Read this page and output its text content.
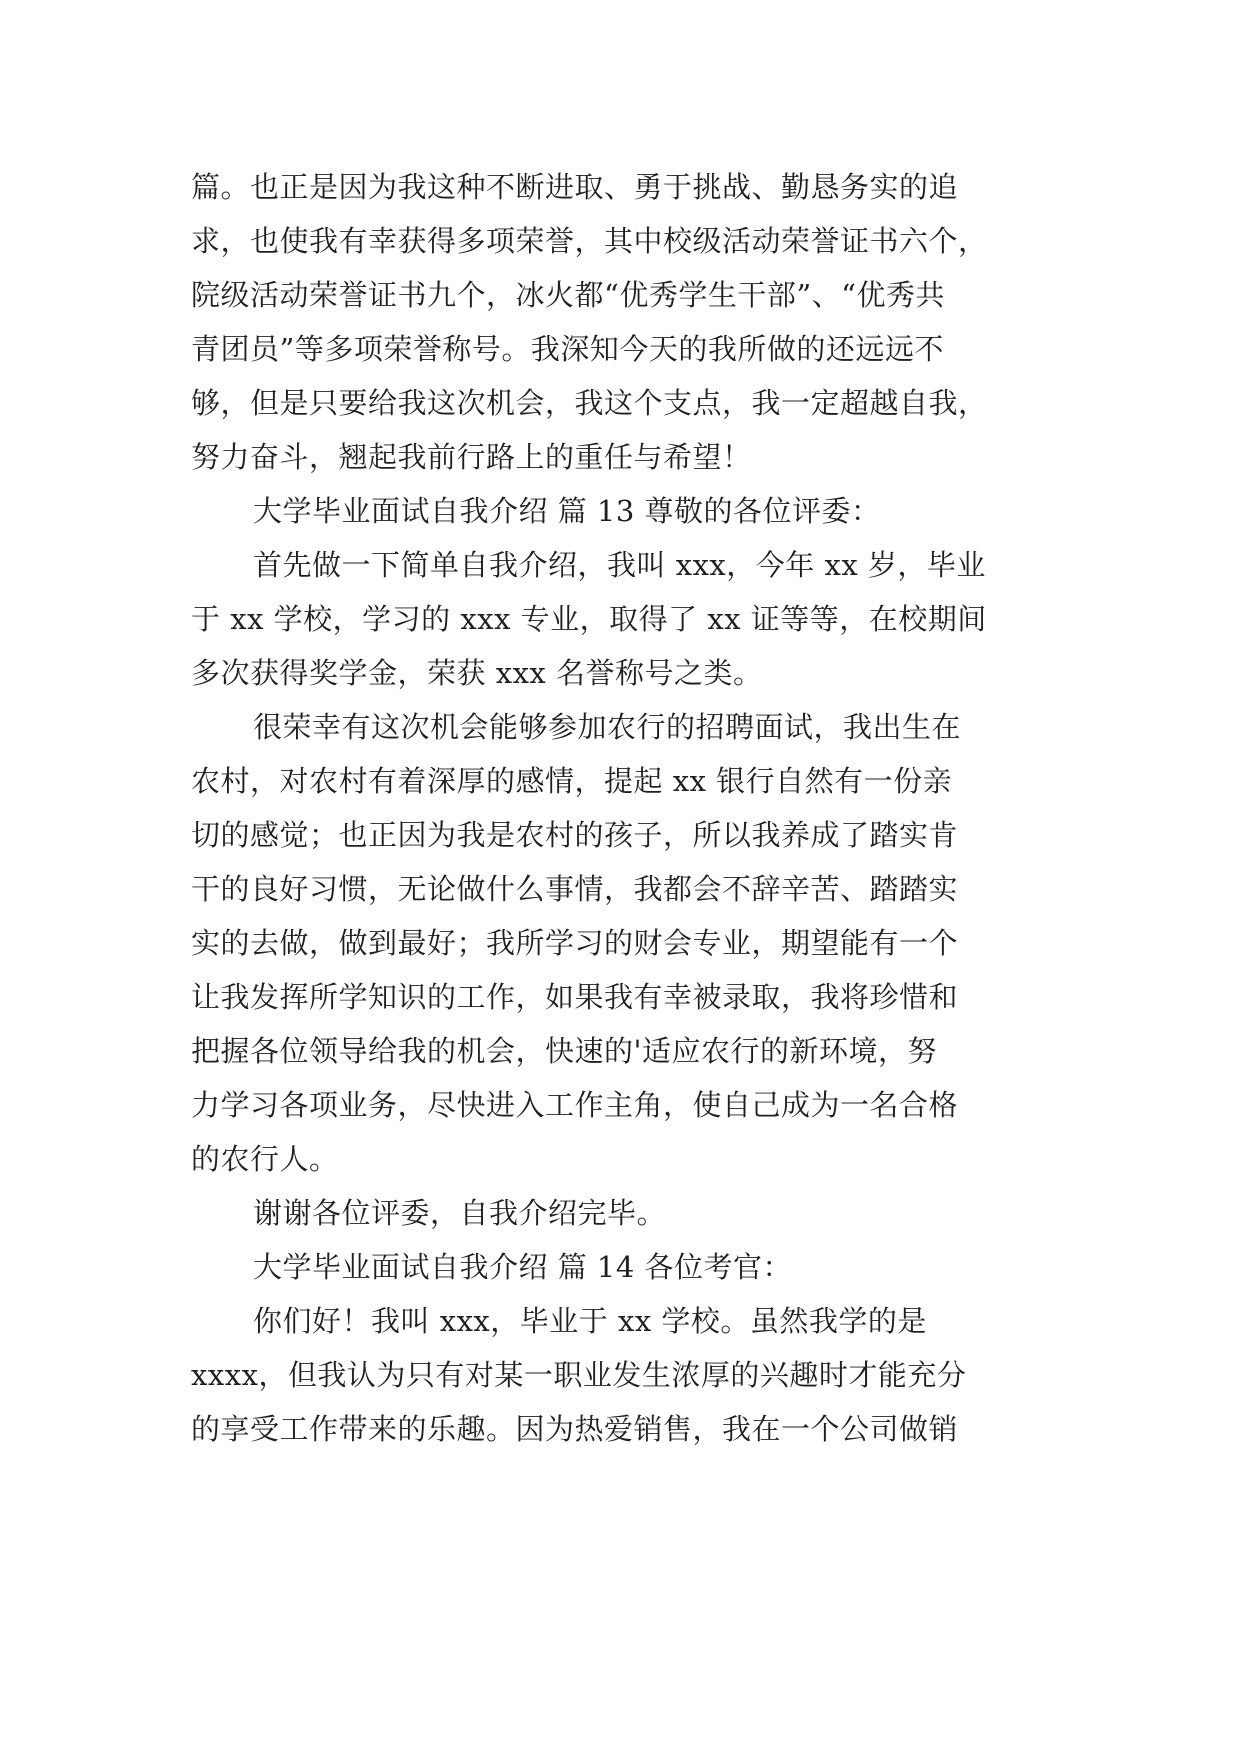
篇。也正是因为我这种不断进取、勇于挑战、勤恳务实的追
求，也使我有幸获得多项荣誉，其中校级活动荣誉证书六个，
院级活动荣誉证书九个，冰火都“优秀学生干部”、“优秀共
青团员”等多项荣誉称号。我深知今天的我所做的还远远不
够，但是只要给我这次机会，我这个支点，我一定超越自我，
努力奋斗，翘起我前行路上的重任与希望！
大学毕业面试自我介绍 篇 13 尊敬的各位评委：
首先做一下简单自我介绍，我叫 xxx，今年 xx 岁，毕业
于 xx 学校，学习的 xxx 专业，取得了 xx 证等等，在校期间
多次获得奖学金，荣获 xxx 名誉称号之类。
很荣幸有这次机会能够参加农行的招聘面试，我出生在
农村，对农村有着深厚的感情，提起 xx 银行自然有一份亲
切的感觉；也正因为我是农村的孩子，所以我养成了踏实肯
干的良好习惯，无论做什么事情，我都会不辞辛苦、踏踏实
实的去做，做到最好；我所学习的财会专业，期望能有一个
让我发挥所学知识的工作，如果我有幸被录取，我将珍惜和
把握各位领导给我的机会，快速的'适应农行的新环境，努
力学习各项业务，尽快进入工作主角，使自己成为一名合格
的农行人。
谢谢各位评委，自我介绍完毕。
大学毕业面试自我介绍 篇 14 各位考官：
你们好！我叫 xxx，毕业于 xx 学校。虽然我学的是
xxxx，但我认为只有对某一职业发生浓厚的兴趣时才能充分
的享受工作带来的乐趣。因为热爱销售，我在一个公司做销
